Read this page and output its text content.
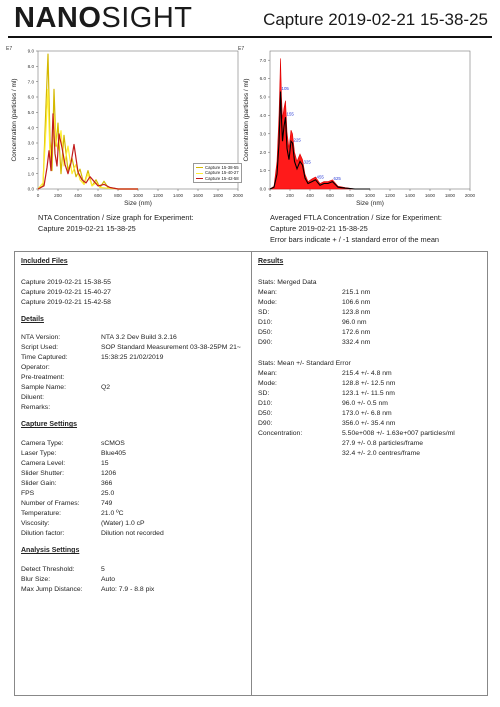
NANOSIGHT	Capture 2019-02-21 15-38-25
E7
0.0
1.0
2.0
3.0
4.0
5.0
6.0
7.0
8.0
9.0
0	200	400	600	800 1000 1200 1400 1600 1800 2000
Size (nm)
Concentration (particles / ml)
Capture 15-38-55
Capture 15-40-27
Capture 15-42-58
NTA Concentration / Size graph for Experiment:
Capture 2019-02-21 15-38-25
E7
0.0
1.0
2.0
3.0
4.0
5.0
6.0
7.0
0	200	400	600	800 1000 1200 1400 1600 1800 2000
Size (nm)
Concentration (particles / ml)	105
155
225
325
455 625
Averaged FTLA Concentration / Size for Experiment:
Capture 2019-02-21 15-38-25
Error bars indicate + / -1 standard error of the mean
Included Files
Capture 2019-02-21 15-38-55
Capture 2019-02-21 15-40-27
Capture 2019-02-21 15-42-58
Details
NTA Version:	NTA 3.2 Dev Build 3.2.16
Script Used:	SOP Standard Measurement 03-38-25PM 21~
Time Captured:	15:38:25 21/02/2019
Operator:
Pre-treatment:
Sample Name:	Q2
Diluent:
Remarks:
Capture Settings
Camera Type:	sCMOS
Laser Type:	Blue405
Camera Level:	15
Slider Shutter:	1206
Slider Gain:	366
FPS	25.0
Number of Frames:	749
Temperature:	21.0 ºC
Viscosity:	(Water) 1.0 cP
Dilution factor:	Dilution not recorded
Analysis Settings
Detect Threshold:	5
Blur Size:	Auto
Max Jump Distance:	Auto: 7.9 - 8.8 pix
Results
Stats: Merged Data
Mean:	215.1 nm
Mode:	106.6 nm
SD:	123.8 nm
D10:	96.0 nm
D50:	172.6 nm
D90:	332.4 nm
Stats: Mean +/- Standard Error
Mean:	215.4 +/- 4.8 nm
Mode:	128.8 +/- 12.5 nm
SD:	123.1 +/- 11.5 nm
D10:	96.0 +/- 0.5 nm
D50:	173.0 +/- 6.8 nm
D90:	356.0 +/- 35.4 nm
Concentration:	5.50e+008 +/- 1.63e+007 particles/ml
27.9 +/- 0.8 particles/frame
32.4 +/- 2.0 centres/frame
